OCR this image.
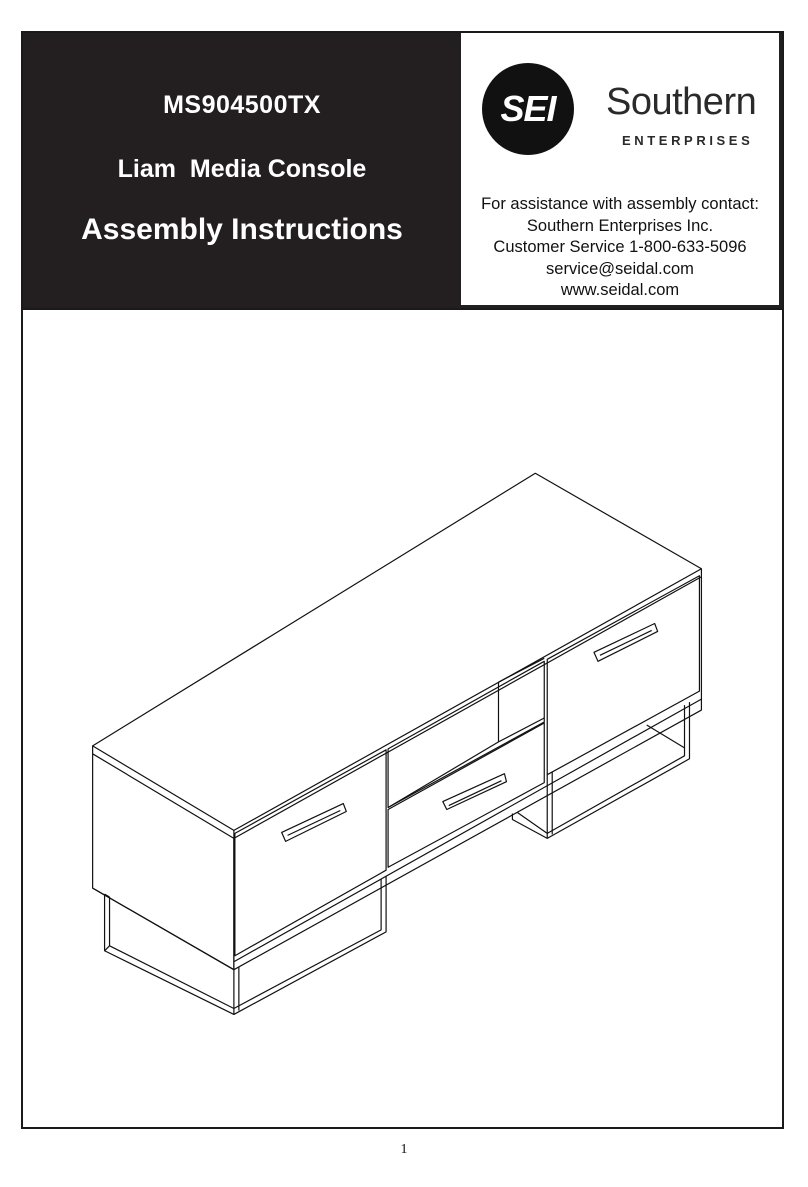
MS904500TX
Liam  Media Console
Assembly Instructions
SEI Southern
ENTERPRISES
For assistance with assembly contact:
Southern Enterprises Inc.
Customer Service 1-800-633-5096
service@seidal.com
www.seidal.com
1
